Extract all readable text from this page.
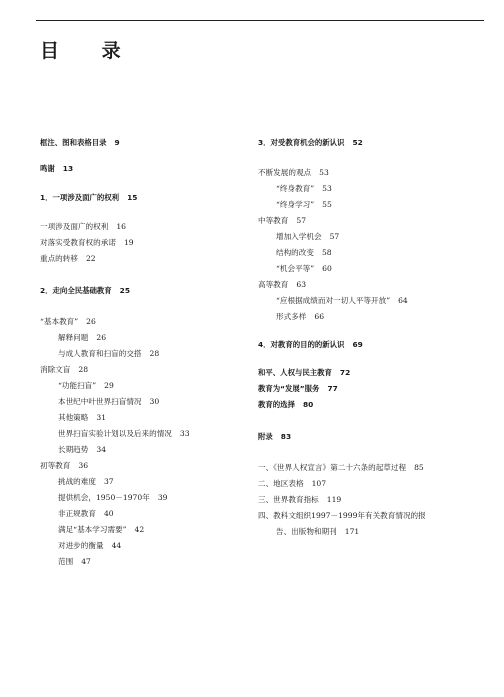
目 录
框注、图和表格目录 9
鸣谢 13
1．一项涉及面广的权利 15
一项涉及面广的权利 16
对落实受教育权的承诺 19
重点的转移 22
2．走向全民基础教育 25
“基本教育” 26
解释问题 26
与成人教育和扫盲的交搭 28
消除文盲 28
“功能扫盲” 29
本世纪中叶世界扫盲情况 30
其他策略 31
世界扫盲实验计划以及后来的情况 33
长期趋势 34
初等教育 36
挑战的难度 37
提供机会，1950－1970年 39
非正规教育 40
满足“基本学习需要” 42
对进步的衡量 44
范围 47
3．对受教育机会的新认识 52
不断发展的观点 53
“终身教育” 53
“终身学习” 55
中等教育 57
增加入学机会 57
结构的改变 58
“机会平等” 60
高等教育 63
“应根据成绩而对一切人平等开放” 64
形式多样 66
4．对教育的目的的新认识 69
和平、人权与民主教育 72
教育为“发展”服务 77
教育的选择 80
附录 83
一、《世界人权宣言》第二十六条的起草过程 85
二、地区表格 107
三、世界教育指标 119
四、教科文组织1997－1999年有关教育情况的报
告、出版物和期刊 171
